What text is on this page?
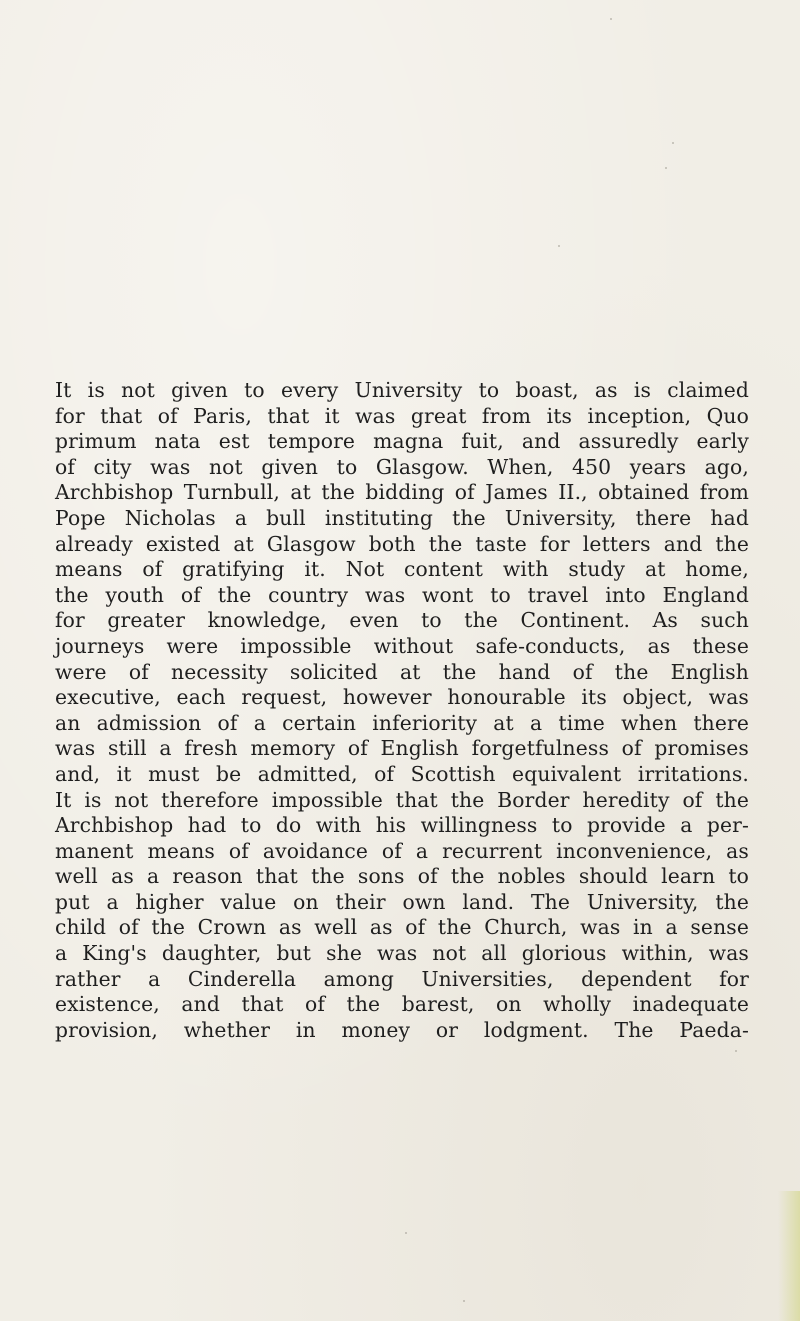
It is not given to every University to boast, as is claimed
for that of Paris, that it was great from its inception, Quo
primum nata est tempore magna fuit, and assuredly early
of city was not given to Glasgow. When, 450 years ago,
Archbishop Turnbull, at the bidding of James II., obtained from
Pope Nicholas a bull instituting the University, there had
already existed at Glasgow both the taste for letters and the
means of gratifying it. Not content with study at home,
the youth of the country was wont to travel into England
for greater knowledge, even to the Continent. As such
journeys were impossible without safe-conducts, as these
were of necessity solicited at the hand of the English
executive, each request, however honourable its object, was
an admission of a certain inferiority at a time when there
was still a fresh memory of English forgetfulness of promises
and, it must be admitted, of Scottish equivalent irritations.
It is not therefore impossible that the Border heredity of the
Archbishop had to do with his willingness to provide a per-
manent means of avoidance of a recurrent inconvenience, as
well as a reason that the sons of the nobles should learn to
put a higher value on their own land. The University, the
child of the Crown as well as of the Church, was in a sense
a King's daughter, but she was not all glorious within, was
rather a Cinderella among Universities, dependent for
existence, and that of the barest, on wholly inadequate
provision, whether in money or lodgment. The Paeda-
